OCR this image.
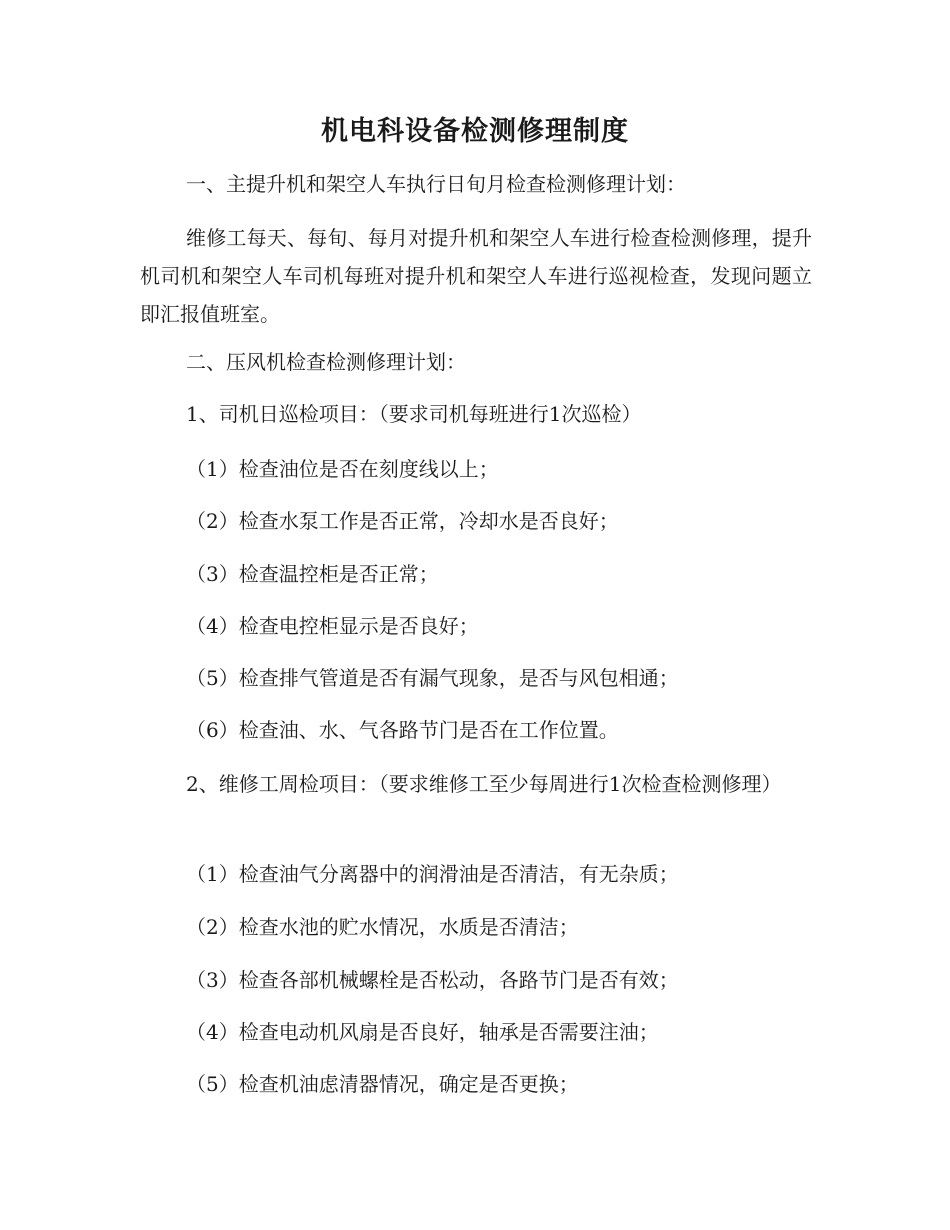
机电科设备检测修理制度

一、主提升机和架空人车执行日旬月检查检测修理计划：

维修工每天、每旬、每月对提升机和架空人车进行检查检测修理，提升机司机和架空人车司机每班对提升机和架空人车进行巡视检查，发现问题立即汇报值班室。

二、压风机检查检测修理计划：

1、司机日巡检项目：（要求司机每班进行1次巡检）

（1）检查油位是否在刻度线以上；

（2）检查水泵工作是否正常，冷却水是否良好；

（3）检查温控柜是否正常；

（4）检查电控柜显示是否良好；

（5）检查排气管道是否有漏气现象，是否与风包相通；

（6）检查油、水、气各路节门是否在工作位置。

2、维修工周检项目：（要求维修工至少每周进行1次检查检测修理）

（1）检查油气分离器中的润滑油是否清洁，有无杂质；

（2）检查水池的贮水情况，水质是否清洁；

（3）检查各部机械螺栓是否松动，各路节门是否有效；

（4）检查电动机风扇是否良好，轴承是否需要注油；

（5）检查机油虑清器情况，确定是否更换；
